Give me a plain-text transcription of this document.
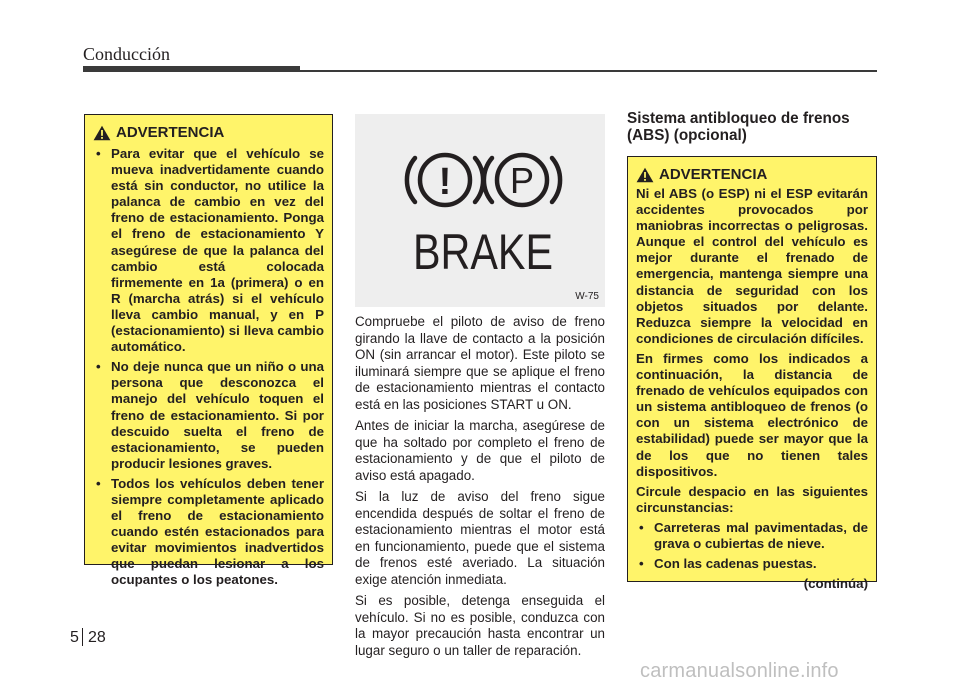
Conducción
ADVERTENCIA
• Para evitar que el vehículo se mueva inadvertidamente cuando está sin conductor, no utilice la palanca de cambio en vez del freno de estacionamiento. Ponga el freno de estacionamiento Y asegúrese de que la palanca del cambio está colocada firmemente en 1a (primera) o en R (marcha atrás) si el vehículo lleva cambio manual, y en P (estacionamiento) si lleva cambio automático.
• No deje nunca que un niño o una persona que desconozca el manejo del vehículo toquen el freno de estacionamiento. Si por descuido suelta el freno de estacionamiento, se pueden producir lesiones graves.
• Todos los vehículos deben tener siempre completamente aplicado el freno de estacionamiento cuando estén estacionados para evitar movimientos inadvertidos que puedan lesionar a los ocupantes o los peatones.
! P
BRAKE
W-75

Compruebe el piloto de aviso de freno girando la llave de contacto a la posición ON (sin arrancar el motor). Este piloto se iluminará siempre que se aplique el freno de estacionamiento mientras el contacto está en las posiciones START u ON.

Antes de iniciar la marcha, asegúrese de que ha soltado por completo el freno de estacionamiento y de que el piloto de aviso está apagado.

Si la luz de aviso del freno sigue encendida después de soltar el freno de estacionamiento mientras el motor está en funcionamiento, puede que el sistema de frenos esté averiado. La situación exige atención inmediata.

Si es posible, detenga enseguida el vehículo. Si no es posible, conduzca con la mayor precaución hasta encontrar un lugar seguro o un taller de reparación.

Sistema antibloqueo de frenos
(ABS) (opcional)
ADVERTENCIA

Ni el ABS (o ESP) ni el ESP evitarán accidentes provocados por maniobras incorrectas o peligrosas. Aunque el control del vehículo es mejor durante el frenado de emergencia, mantenga siempre una distancia de seguridad con los objetos situados por delante. Reduzca siempre la velocidad en condiciones de circulación difíciles.

En firmes como los indicados a continuación, la distancia de frenado de vehículos equipados con un sistema antibloqueo de frenos (o con un sistema electrónico de estabilidad) puede ser mayor que la de los que no tienen tales dispositivos.

Circule despacio en las siguientes circunstancias:

• Carreteras mal pavimentadas, de grava o cubiertas de nieve.
• Con las cadenas puestas.
(continúa)
5 28
carmanualsonline.info
